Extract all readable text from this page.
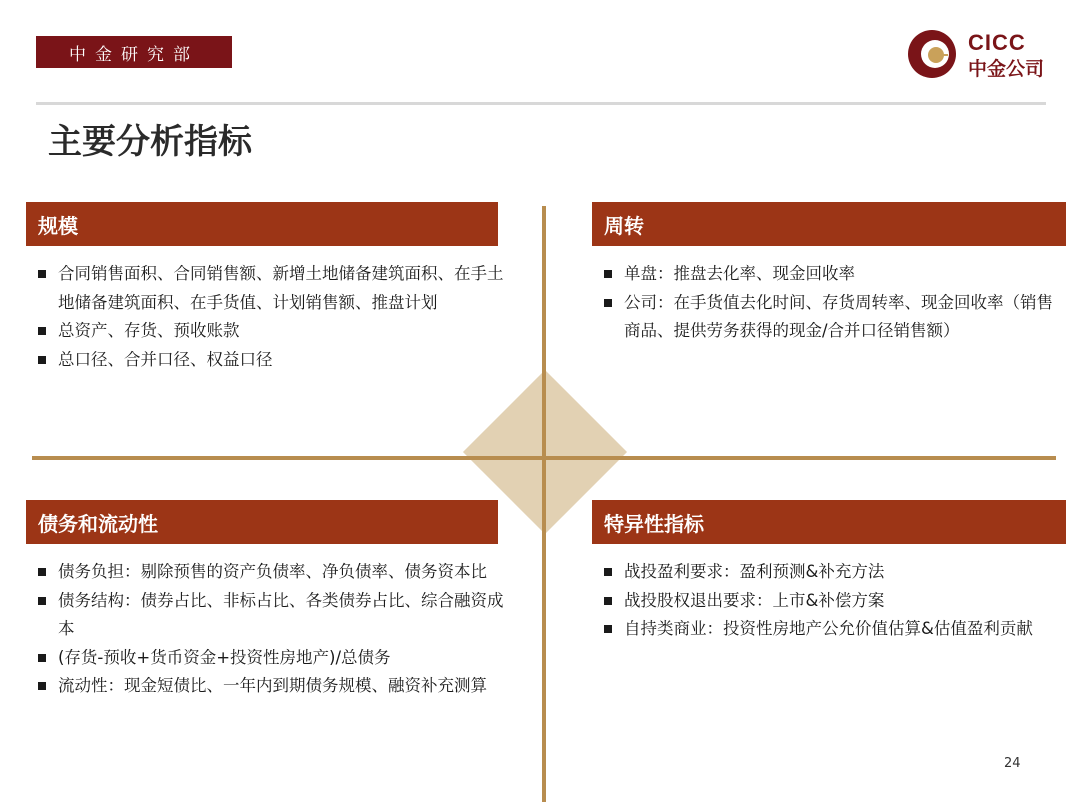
中金研究部	CICC
中金公司
主要分析指标
规模
合同销售面积、合同销售额、新增土地储备建筑面积、在手土地储备建筑面积、在手货值、计划销售额、推盘计划
总资产、存货、预收账款
总口径、合并口径、权益口径
周转
单盘：推盘去化率、现金回收率
公司：在手货值去化时间、存货周转率、现金回收率（销售商品、提供劳务获得的现金/合并口径销售额）
债务和流动性
债务负担：剔除预售的资产负债率、净负债率、债务资本比
债务结构：债券占比、非标占比、各类债券占比、综合融资成本
(存货-预收+货币资金+投资性房地产)/总债务
流动性：现金短债比、一年内到期债务规模、融资补充测算
特异性指标
战投盈利要求：盈利预测&补充方法
战投股权退出要求：上市&补偿方案
自持类商业：投资性房地产公允价值估算&估值盈利贡献
24
